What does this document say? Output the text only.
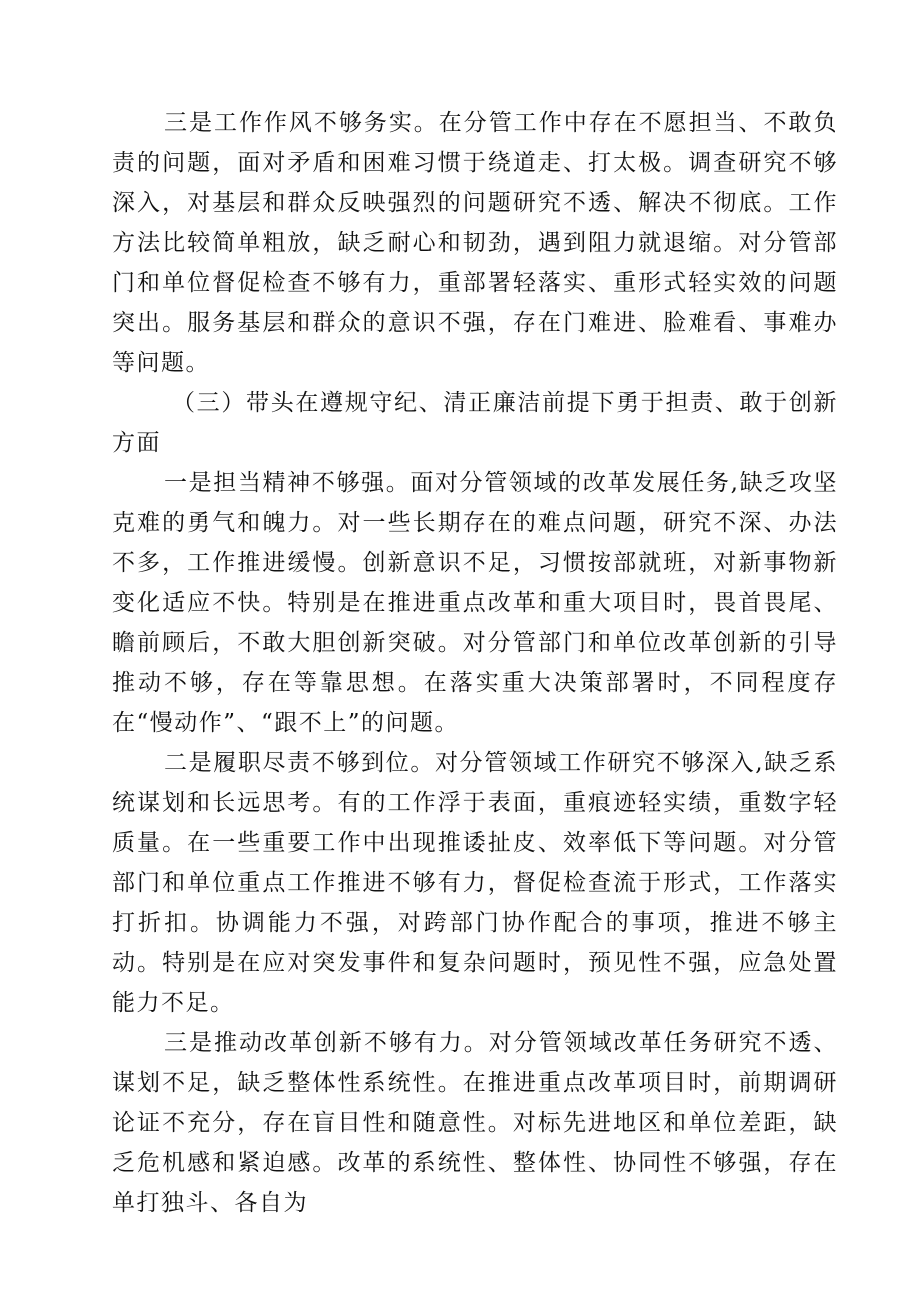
三是工作作风不够务实。在分管工作中存在不愿担当、不敢负责的问题，面对矛盾和困难习惯于绕道走、打太极。调查研究不够深入，对基层和群众反映强烈的问题研究不透、解决不彻底。工作方法比较简单粗放，缺乏耐心和韧劲，遇到阻力就退缩。对分管部门和单位督促检查不够有力，重部署轻落实、重形式轻实效的问题突出。服务基层和群众的意识不强，存在门难进、脸难看、事难办等问题。

（三）带头在遵规守纪、清正廉洁前提下勇于担责、敢于创新方面

一是担当精神不够强。面对分管领域的改革发展任务,缺乏攻坚克难的勇气和魄力。对一些长期存在的难点问题，研究不深、办法不多，工作推进缓慢。创新意识不足，习惯按部就班，对新事物新变化适应不快。特别是在推进重点改革和重大项目时，畏首畏尾、瞻前顾后，不敢大胆创新突破。对分管部门和单位改革创新的引导推动不够，存在等靠思想。在落实重大决策部署时，不同程度存在“慢动作”、“跟不上”的问题。

二是履职尽责不够到位。对分管领域工作研究不够深入,缺乏系统谋划和长远思考。有的工作浮于表面，重痕迹轻实绩，重数字轻质量。在一些重要工作中出现推诿扯皮、效率低下等问题。对分管部门和单位重点工作推进不够有力，督促检查流于形式，工作落实打折扣。协调能力不强，对跨部门协作配合的事项，推进不够主动。特别是在应对突发事件和复杂问题时，预见性不强，应急处置能力不足。

三是推动改革创新不够有力。对分管领域改革任务研究不透、谋划不足，缺乏整体性系统性。在推进重点改革项目时，前期调研论证不充分，存在盲目性和随意性。对标先进地区和单位差距，缺乏危机感和紧迫感。改革的系统性、整体性、协同性不够强，存在单打独斗、各自为
